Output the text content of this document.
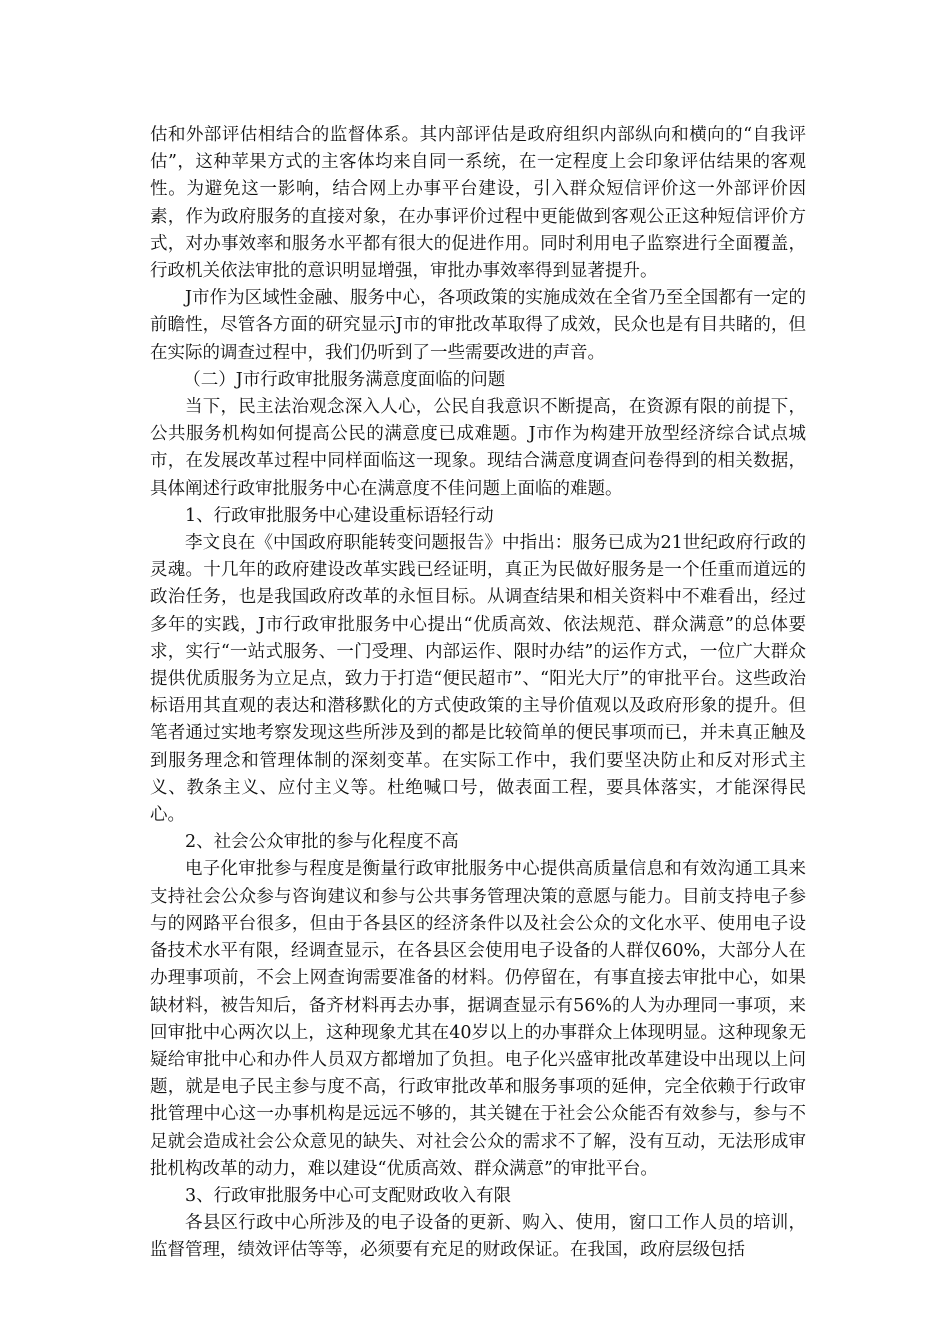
估和外部评估相结合的监督体系。其内部评估是政府组织内部纵向和横向的“自我评估”，这种苹果方式的主客体均来自同一系统，在一定程度上会印象评估结果的客观性。为避免这一影响，结合网上办事平台建设，引入群众短信评价这一外部评价因素，作为政府服务的直接对象，在办事评价过程中更能做到客观公正这种短信评价方式，对办事效率和服务水平都有很大的促进作用。同时利用电子监察进行全面覆盖，行政机关依法审批的意识明显增强，审批办事效率得到显著提升。

J市作为区域性金融、服务中心，各项政策的实施成效在全省乃至全国都有一定的前瞻性，尽管各方面的研究显示J市的审批改革取得了成效，民众也是有目共睹的，但在实际的调查过程中，我们仍听到了一些需要改进的声音。

（二）J市行政审批服务满意度面临的问题

当下，民主法治观念深入人心，公民自我意识不断提高，在资源有限的前提下，公共服务机构如何提高公民的满意度已成难题。J市作为构建开放型经济综合试点城市，在发展改革过程中同样面临这一现象。现结合满意度调查问卷得到的相关数据，具体阐述行政审批服务中心在满意度不佳问题上面临的难题。

1、行政审批服务中心建设重标语轻行动

李文良在《中国政府职能转变问题报告》中指出：服务已成为21世纪政府行政的灵魂。十几年的政府建设改革实践已经证明，真正为民做好服务是一个任重而道远的政治任务，也是我国政府改革的永恒目标。从调查结果和相关资料中不难看出，经过多年的实践，J市行政审批服务中心提出“优质高效、依法规范、群众满意”的总体要求，实行“一站式服务、一门受理、内部运作、限时办结”的运作方式，一位广大群众提供优质服务为立足点，致力于打造“便民超市”、“阳光大厅”的审批平台。这些政治标语用其直观的表达和潜移默化的方式使政策的主导价值观以及政府形象的提升。但笔者通过实地考察发现这些所涉及到的都是比较简单的便民事项而已，并未真正触及到服务理念和管理体制的深刻变革。在实际工作中，我们要坚决防止和反对形式主义、教条主义、应付主义等。杜绝喊口号，做表面工程，要具体落实，才能深得民心。

2、社会公众审批的参与化程度不高

电子化审批参与程度是衡量行政审批服务中心提供高质量信息和有效沟通工具来支持社会公众参与咨询建议和参与公共事务管理决策的意愿与能力。目前支持电子参与的网路平台很多，但由于各县区的经济条件以及社会公众的文化水平、使用电子设备技术水平有限，经调查显示，在各县区会使用电子设备的人群仅60%，大部分人在办理事项前，不会上网查询需要准备的材料。仍停留在，有事直接去审批中心，如果缺材料，被告知后，备齐材料再去办事，据调查显示有56%的人为办理同一事项，来回审批中心两次以上，这种现象尤其在40岁以上的办事群众上体现明显。这种现象无疑给审批中心和办件人员双方都增加了负担。电子化兴盛审批改革建设中出现以上问题，就是电子民主参与度不高，行政审批改革和服务事项的延伸，完全依赖于行政审批管理中心这一办事机构是远远不够的，其关键在于社会公众能否有效参与，参与不足就会造成社会公众意见的缺失、对社会公众的需求不了解，没有互动，无法形成审批机构改革的动力，难以建设“优质高效、群众满意”的审批平台。

3、行政审批服务中心可支配财政收入有限

各县区行政中心所涉及的电子设备的更新、购入、使用，窗口工作人员的培训，监督管理，绩效评估等等，必须要有充足的财政保证。在我国，政府层级包括
